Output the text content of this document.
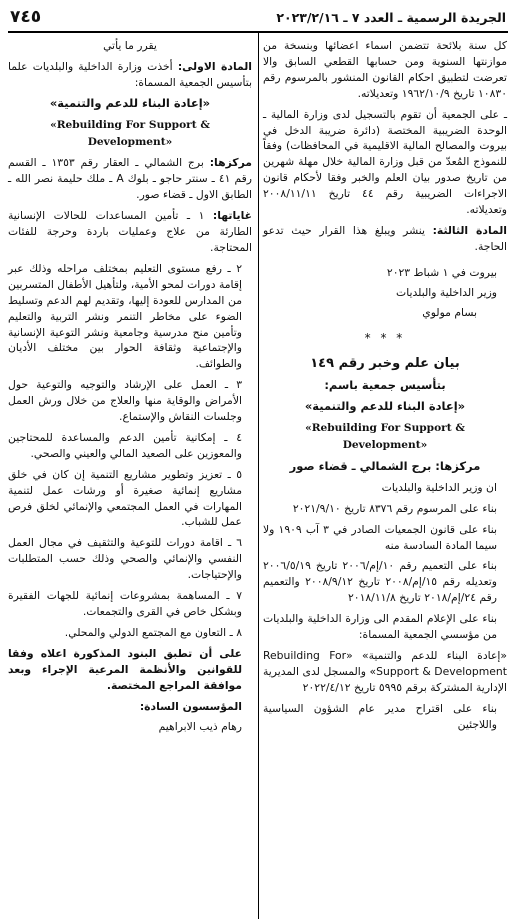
الجريدة الرسمية ـ العدد ٧ ـ ٢٠٢٣/٢/١٦
٧٤٥

كل سنة بلائحة تتضمن اسماء اعضائها وبنسخة من موازنتها السنوية ومن حسابها القطعي السابق والا تعرضت لتطبيق احكام القانون المنشور بالمرسوم رقم ١٠٨٣٠ تاريخ ١٩٦٢/١٠/٩ وتعديلاته.

ـ على الجمعية أن تقوم بالتسجيل لدى وزارة المالية ـ الوحدة الضريبية المختصة (دائرة ضريبة الدخل في بيروت والمصالح المالية الاقليمية في المحافظات) وفقاً للنموذج المُعدّ من قبل وزارة المالية خلال مهلة شهرين من تاريخ صدور بيان العلم والخبر وفقا لأحكام قانون الاجراءات الضريبية رقم ٤٤ تاريخ ٢٠٠٨/١١/١١ وتعديلاته.

المادة الثالثة: ينشر ويبلغ هذا القرار حيث تدعو الحاجة.

بيروت في ١ شباط ٢٠٢٣

وزير الداخلية والبلديات

بسام مولوي

* * *

بيان علم وخبر رقم ١٤٩

بتأسيس جمعية باسم:

«إعادة البناء للدعم والتنمية»

«Rebuilding For Support & Development»

مركزها: برج الشمالي ـ قضاء صور

ان وزير الداخلية والبلديات

بناء على المرسوم رقم ٨٣٧٦ تاريخ ٢٠٢١/٩/١٠

بناء على قانون الجمعيات الصادر في ٣ آب ١٩٠٩ ولا سيما المادة السادسة منه

بناء على التعميم رقم ١٠/إم/٢٠٠٦ تاريخ ٢٠٠٦/٥/١٩ وتعديله رقم ١٥/إم/٢٠٠٨ تاريخ ٢٠٠٨/٩/١٢ والتعميم رقم ٢٤/إم/٢٠١٨ تاريخ ٢٠١٨/١١/٨

بناء على الإعلام المقدم الى وزارة الداخلية والبلديات من مؤسسي الجمعية المسماة:

«إعادة البناء للدعم والتنمية» «Rebuilding For Support & Development» والمسجل لدى المديرية الإدارية المشتركة برقم ٥٩٩٥ تاريخ ٢٠٢٢/٤/١٢

بناء على اقتراح مدير عام الشؤون السياسية واللاجئين

يقرر ما يأتي

المادة الاولى: أخذت وزارة الداخلية والبلديات علما بتأسيس الجمعية المسماة:

«إعادة البناء للدعم والتنمية»

«Rebuilding For Support & Development»

مركزها: برج الشمالي ـ العقار رقم ١٣٥٣ ـ القسم رقم ٤١ ـ سنتر حاجو ـ بلوك A ـ ملك حليمة نصر الله ـ الطابق الاول ـ قضاء صور.

غاياتها: ١ ـ تأمين المساعدات للحالات الإنسانية الطارئة من علاج وعمليات باردة وحرجة للفئات المحتاجة.

٢ ـ رفع مستوى التعليم بمختلف مراحله وذلك عبر إقامة دورات لمحو الأمية، ولتأهيل الأطفال المتسربين من المدارس للعودة إليها، وتقديم لهم الدعم وتسليط الضوء على مخاطر التنمر ونشر التربية والتعليم وتأمين منح مدرسية وجامعية ونشر التوعية الإنسانية والإجتماعية وثقافة الحوار بين مختلف الأديان والطوائف.

٣ ـ العمل على الإرشاد والتوجيه والتوعية حول الأمراض والوقاية منها والعلاج من خلال ورش العمل وجلسات النقاش والإستماع.

٤ ـ إمكانية تأمين الدعم والمساعدة للمحتاجين والمعوزين على الصعيد المالي والعيني والصحي.

٥ ـ تعزيز وتطوير مشاريع التنمية إن كان في خلق مشاريع إنمائية صغيرة أو ورشات عمل لتنمية المهارات في العمل المجتمعي والإنمائي لخلق فرص عمل للشباب.

٦ ـ اقامة دورات للتوعية والتثقيف في مجال العمل النفسي والإنمائي والصحي وذلك حسب المتطلبات والإحتياجات.

٧ ـ المساهمة بمشروعات إنمائية للجهات الفقيرة وبشكل خاص في القرى والتجمعات.

٨ ـ التعاون مع المجتمع الدولي والمحلي.

على أن تطبق البنود المذكورة اعلاه وفقا للقوانين والأنظمة المرعية الإجراء وبعد موافقة المراجع المختصة.

المؤسسون السادة:

رهام ذيب الابراهيم
